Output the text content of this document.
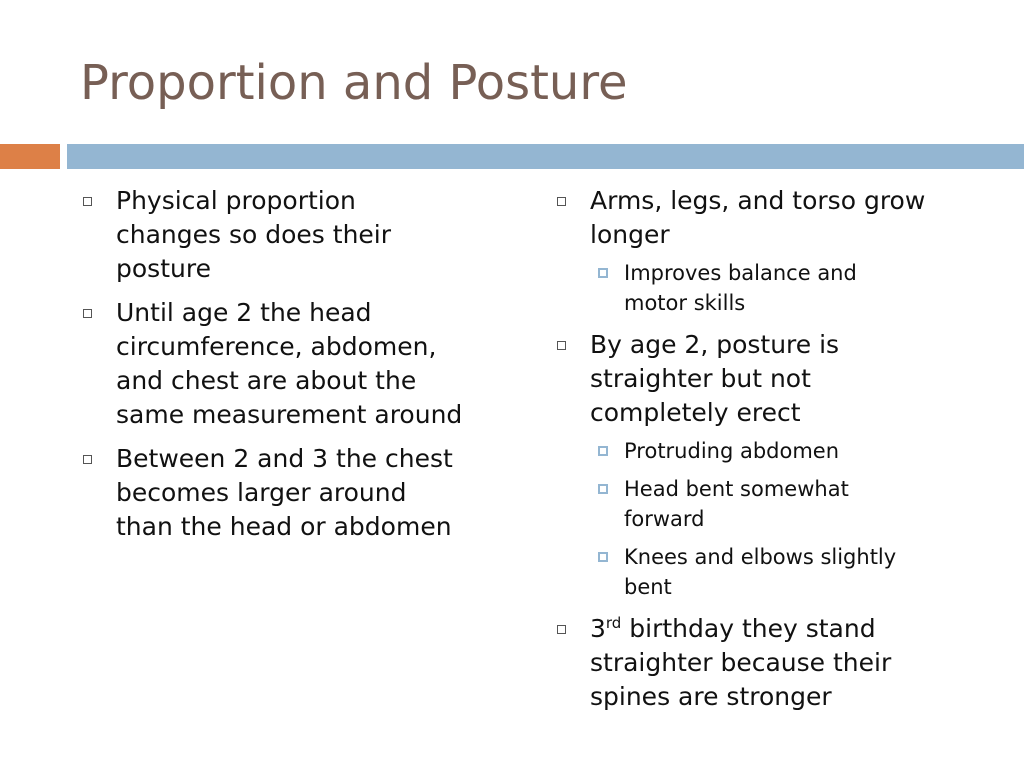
Proportion and Posture
Physical proportion
changes so does their
posture
Until age 2 the head
circumference, abdomen,
and chest are about the
same measurement around
Between 2 and 3 the chest
becomes larger around
than the head or abdomen
Arms, legs, and torso grow
longer
Improves balance and
motor skills
By age 2, posture is
straighter but not
completely erect
Protruding abdomen
Head bent somewhat
forward
Knees and elbows slightly
bent
3rd birthday they stand
straighter because their
spines are stronger
